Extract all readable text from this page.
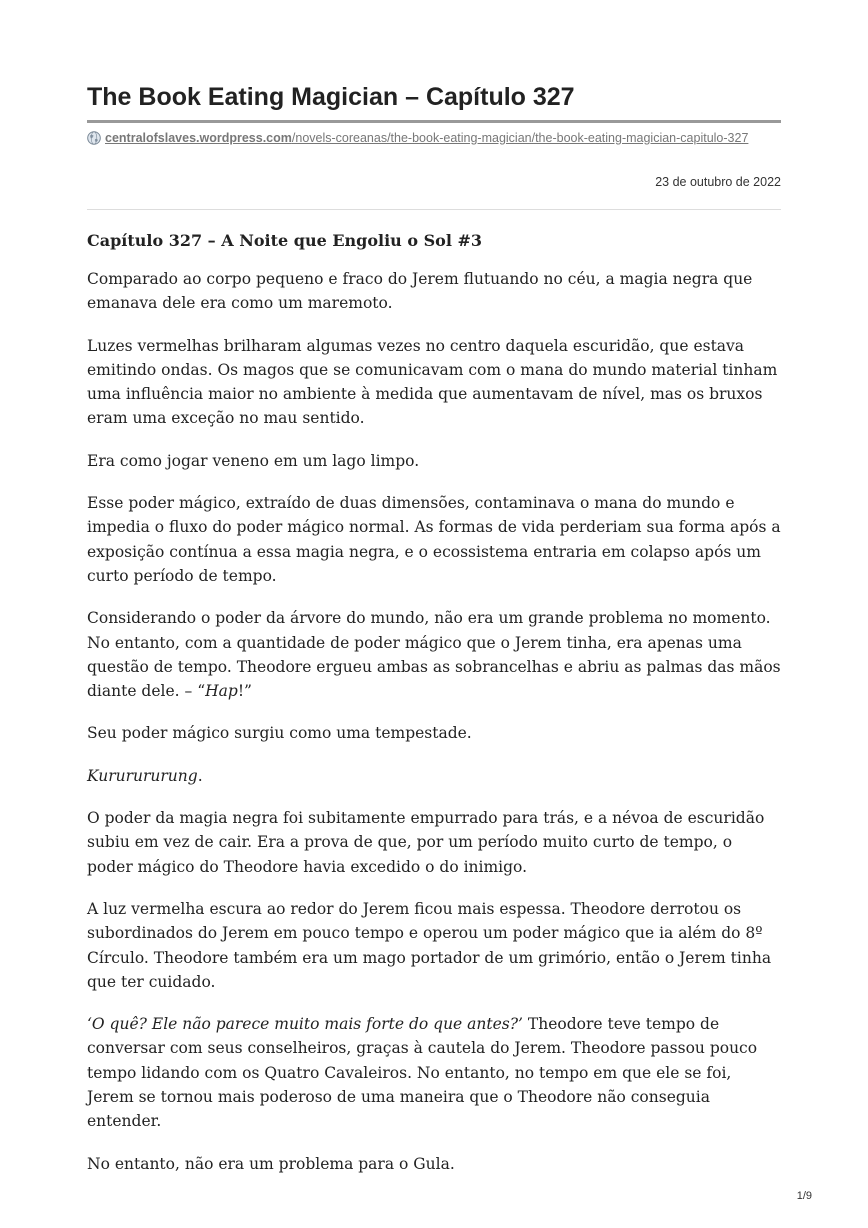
The Book Eating Magician – Capítulo 327
centralofslaves.wordpress.com/novels-coreanas/the-book-eating-magician/the-book-eating-magician-capitulo-327
23 de outubro de 2022
Capítulo 327 – A Noite que Engoliu o Sol #3

Comparado ao corpo pequeno e fraco do Jerem flutuando no céu, a magia negra que emanava dele era como um maremoto.

Luzes vermelhas brilharam algumas vezes no centro daquela escuridão, que estava emitindo ondas. Os magos que se comunicavam com o mana do mundo material tinham uma influência maior no ambiente à medida que aumentavam de nível, mas os bruxos eram uma exceção no mau sentido.

Era como jogar veneno em um lago limpo.

Esse poder mágico, extraído de duas dimensões, contaminava o mana do mundo e impedia o fluxo do poder mágico normal. As formas de vida perderiam sua forma após a exposição contínua a essa magia negra, e o ecossistema entraria em colapso após um curto período de tempo.

Considerando o poder da árvore do mundo, não era um grande problema no momento. No entanto, com a quantidade de poder mágico que o Jerem tinha, era apenas uma questão de tempo. Theodore ergueu ambas as sobrancelhas e abriu as palmas das mãos diante dele. – “Hap!”

Seu poder mágico surgiu como uma tempestade.

Kururururung.

O poder da magia negra foi subitamente empurrado para trás, e a névoa de escuridão subiu em vez de cair. Era a prova de que, por um período muito curto de tempo, o poder mágico do Theodore havia excedido o do inimigo.

A luz vermelha escura ao redor do Jerem ficou mais espessa. Theodore derrotou os subordinados do Jerem em pouco tempo e operou um poder mágico que ia além do 8º Círculo. Theodore também era um mago portador de um grimório, então o Jerem tinha que ter cuidado.

‘O quê? Ele não parece muito mais forte do que antes?’ Theodore teve tempo de conversar com seus conselheiros, graças à cautela do Jerem. Theodore passou pouco tempo lidando com os Quatro Cavaleiros. No entanto, no tempo em que ele se foi, Jerem se tornou mais poderoso de uma maneira que o Theodore não conseguia entender.

No entanto, não era um problema para o Gula.

1/9
